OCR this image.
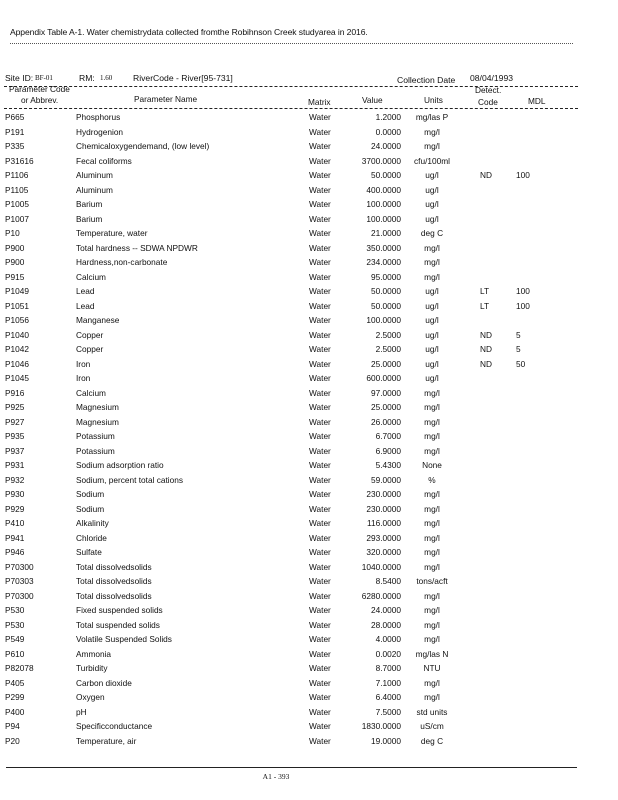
Appendix Table A-1. Water chemistrydata collected fromthe Robihnson Creek studyarea in 2016.
Site ID: BF-01	RM: 1.60 RiverCode - River[95-731]	Collection Date 08/04/1993
Parameter Code
or Abbrev.	Parameter Name	Matrix	Value	Units
Detect.
Code	MDL
P665	Phosphorus	Water	1.2000	mg/las P
P191	Hydrogenion	Water	0.0000	mg/l
P335	Chemicaloxygendemand, (low level)	Water	24.0000	mg/l
P31616	Fecal coliforms	Water	3700.0000	cfu/100ml
P1106	Aluminum	Water	50.0000	ug/l	ND	100
P1105	Aluminum	Water	400.0000	ug/l
P1005	Barium	Water	100.0000	ug/l
P1007	Barium	Water	100.0000	ug/l
P10	Temperature, water	Water	21.0000	deg C
P900	Total hardness -- SDWA NPDWR	Water	350.0000	mg/l
P900	Hardness,non-carbonate	Water	234.0000	mg/l
P915	Calcium	Water	95.0000	mg/l
P1049	Lead	Water	50.0000	ug/l	LT	100
P1051	Lead	Water	50.0000	ug/l	LT	100
P1056	Manganese	Water	100.0000	ug/l
P1040	Copper	Water	2.5000	ug/l	ND	5
P1042	Copper	Water	2.5000	ug/l	ND	5
P1046	Iron	Water	25.0000	ug/l	ND	50
P1045	Iron	Water	600.0000	ug/l
P916	Calcium	Water	97.0000	mg/l
P925	Magnesium	Water	25.0000	mg/l
P927	Magnesium	Water	26.0000	mg/l
P935	Potassium	Water	6.7000	mg/l
P937	Potassium	Water	6.9000	mg/l
P931	Sodium adsorption ratio	Water	5.4300	None
P932	Sodium, percent total cations	Water	59.0000	%
P930	Sodium	Water	230.0000	mg/l
P929	Sodium	Water	230.0000	mg/l
P410	Alkalinity	Water	116.0000	mg/l
P941	Chloride	Water	293.0000	mg/l
P946	Sulfate	Water	320.0000	mg/l
P70300	Total dissolvedsolids	Water	1040.0000	mg/l
P70303	Total dissolvedsolids	Water	8.5400	tons/acft
P70300	Total dissolvedsolids	Water	6280.0000	mg/l
P530	Fixed suspended solids	Water	24.0000	mg/l
P530	Total suspended solids	Water	28.0000	mg/l
P549	Volatile Suspended Solids	Water	4.0000	mg/l
P610	Ammonia	Water	0.0020	mg/las N
P82078	Turbidity	Water	8.7000	NTU
P405	Carbon dioxide	Water	7.1000	mg/l
P299	Oxygen	Water	6.4000	mg/l
P400	pH	Water	7.5000	std units
P94	Specificconductance	Water	1830.0000	uS/cm
P20	Temperature, air	Water	19.0000	deg C
A1 - 393
